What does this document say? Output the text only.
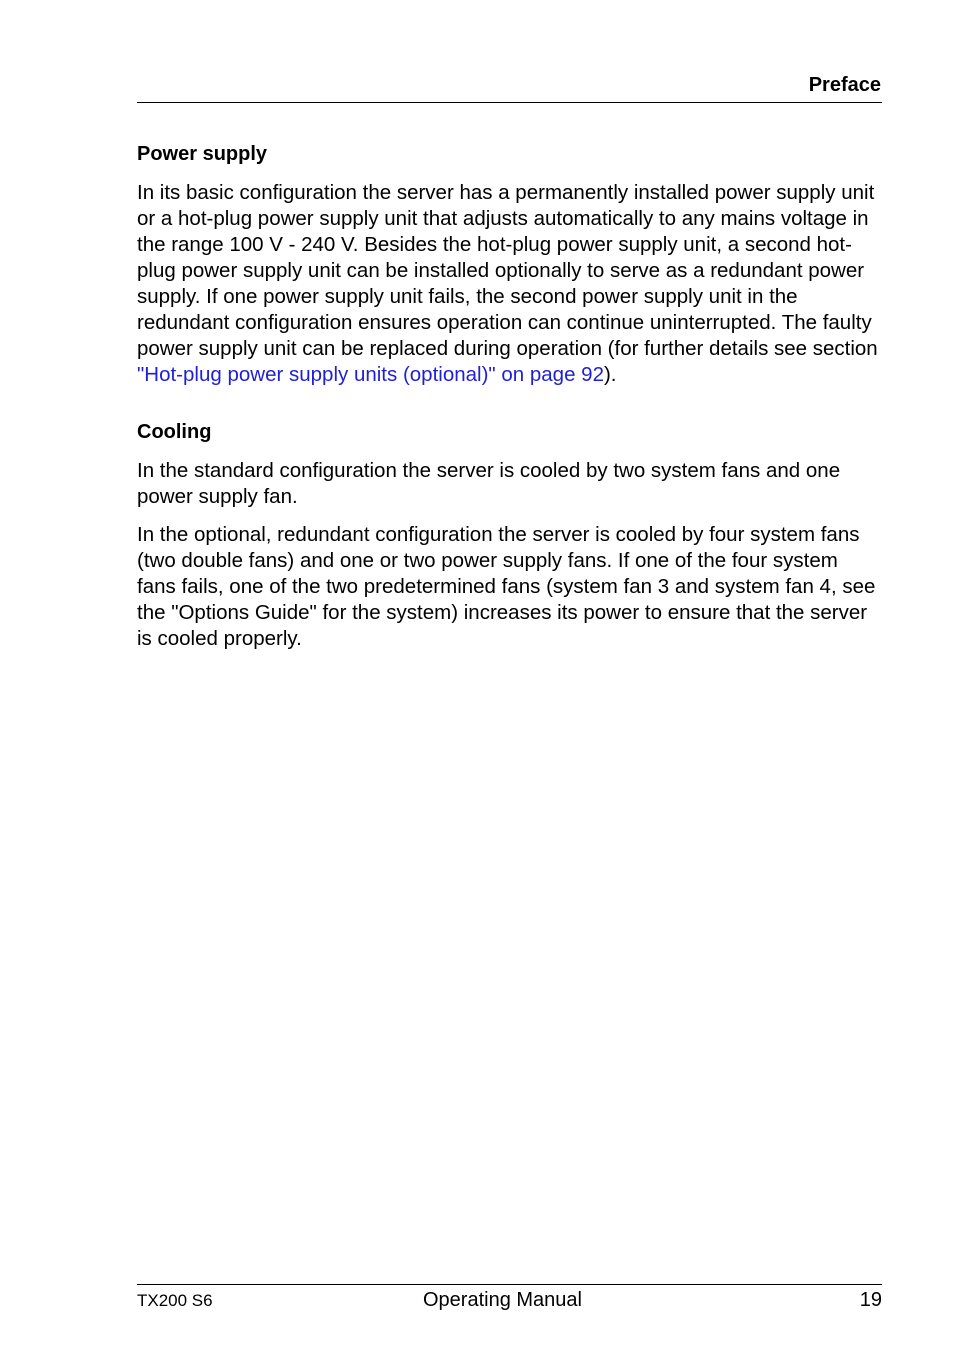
Preface
Power supply

In its basic configuration the server has a permanently installed power supply unit or a hot-plug power supply unit that adjusts automatically to any mains voltage in the range 100 V - 240 V. Besides the hot-plug power supply unit, a second hot-plug power supply unit can be installed optionally to serve as a redundant power supply. If one power supply unit fails, the second power supply unit in the redundant configuration ensures operation can continue uninterrupted. The faulty power supply unit can be replaced during operation (for further details see section "Hot-plug power supply units (optional)" on page 92).

Cooling

In the standard configuration the server is cooled by two system fans and one power supply fan.

In the optional, redundant configuration the server is cooled by four system fans (two double fans) and one or two power supply fans. If one of the four system fans fails, one of the two predetermined fans (system fan 3 and system fan 4, see the "Options Guide" for the system) increases its power to ensure that the server is cooled properly.

TX200 S6	Operating Manual	19
